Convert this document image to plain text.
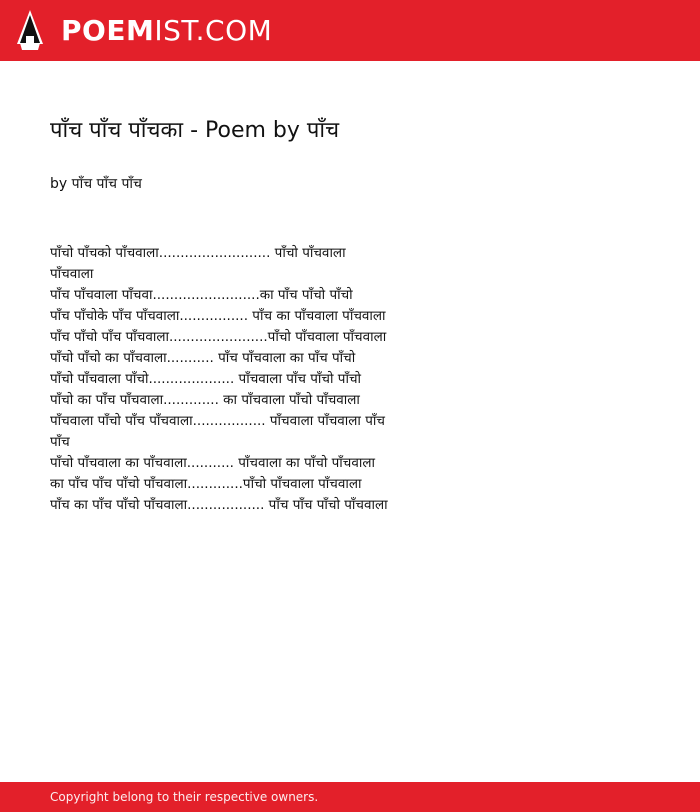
POEMIST.COM
पाँच पाँच पाँचका - Poem by पाँच
by पाँच पाँच पाँच
पाँचो पाँचको पाँचवाला.......................... पाँचो पाँचवाला पाँचवाला
पाँच पाँचवाला पाँचवा.........................का पाँच पाँचो पाँचो
पाँच पाँचोके पाँच पाँचवाला................ पाँच का पाँचवाला पाँचवाला
पाँच पाँचो पाँच पाँचवाला.......................पाँचो पाँचवाला पाँचवाला
पाँचो पाँचो का पाँचवाला........... पाँच पाँचवाला का पाँच पाँचो
पाँचो पाँचवाला पाँचो.................... पाँचवाला पाँच पाँचो पाँचो
पाँचो का पाँच पाँचवाला............. का पाँचवाला पाँचो पाँचवाला
पाँचवाला पाँचो पाँच पाँचवाला................. पाँचवाला पाँचवाला पाँच पाँच
पाँचो पाँचवाला का पाँचवाला........... पाँचवाला का पाँचो पाँचवाला
का पाँच पाँच पाँचो पाँचवाला.............पाँचो पाँचवाला पाँचवाला
पाँच का पाँच पाँचो पाँचवाला.................. पाँच पाँच पाँचो पाँचवाला
Copyright belong to their respective owners.
